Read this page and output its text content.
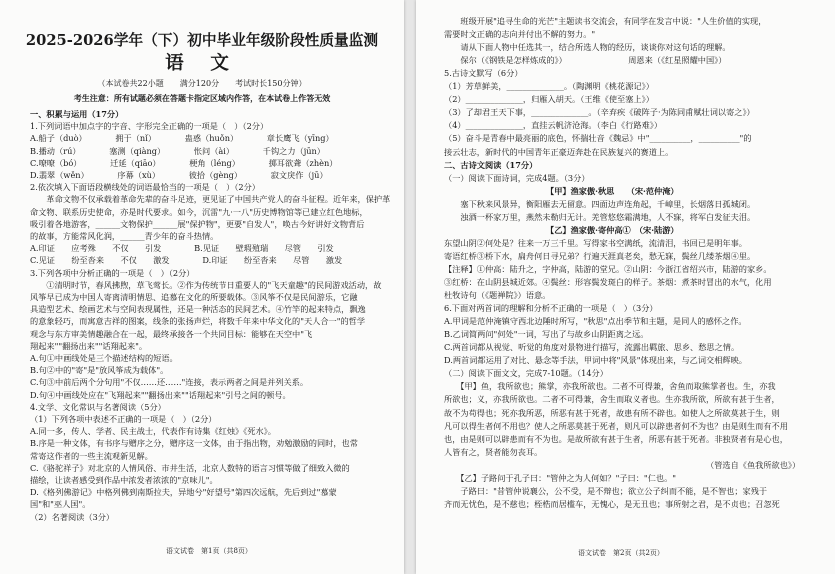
2025-2026学年（下）初中毕业年级阶段性质量监测
语 文
（本试卷共22小题　　满分120分　　考试时长150分钟）
考生注意：所有试题必须在答题卡指定区域内作答，在本试卷上作答无效
一、积累与运用（17分）
1.下列词语中加点字的字音、字形完全正确的一项是（　）（2分）
A.船子（duò）　　　　拥于（nǐ）　　　　蛊惑（huǒn）　　　　章长鹰飞（yīng）
B.播动（rú）　　　　塞测（qiàng）　　　　怅问（ài）　　　　千钩之力（jūn）
C.嘹嘹（bó）　　　　迁延（qiāo）　　　　梗角（léng）　　　　掷耳欲聋（zhèn）
D.翡翠（wěn）　　　　序幕（xù）　　　　彼拾（gèng）　　　　寂文戾作（jū）
2.依次填入下面语段横线处的词语最恰当的一项是（　）（2分）
　　革命文物不仅承载着革命先辈的奋斗足迹，更见证了中国共产党人的奋斗征程。近年来，保护革
命文物、联系历史使命，亦是时代要求。如今，沉雷"九·一八"历史博物馆等已建立红色地标，
吸引着各地游客，______文物保护______展"保护物"，更要"自发人"，唤古今好讲好文物背后
的故事，方能常风化润，______青少年的奋斗热情。
A.印证　　应考殊　　不仅　　引发　　　　B.见证　　壁瑕殖瑞　　尽管　　引发
C.见证　　纷至沓来　　不仅　　激发　　　　D.印证　　纷至沓来　　尽管　　激发
3.下列各项中分析正确的一项是（　）（2分）
　　①清明时节，春风拂煦，草飞莺长。②作为传统节日重要人的"飞天童趣"的民间游戏活动，故
风筝早已成为中国人寄离清明情思、追慕在文化的所要载体。③风筝不仅是民间游乐，它融
具造型艺术、绘画艺术与空间表现属性，还是一种活态的民间艺术。④竹竿的起来特点，飘逸
的意象轻巧，而寓意吉祥的图案，线条的张扬声烂，将数千年来中华文化的"天人合一"的哲学
观念与东方审美情趣融合在一起，最终承接各一个共同目标：能够在天空中"飞
翔起来""翻扬出来""话翔起来"。
A.句①中画线处是三个描述结构的短语。
B.句②中的"寄"是"放风筝成为载体"。
C.句③中前后两个分句用"不仅……还……"连接，表示两者之间是并列关系。
D.句④中画线处应在"飞翔起来""翻扬出来""话翔起来"引号之间的顿号。
4.文学、文化常识与名著阅读（5分）
（1）下列各项中表述不正确的一项是（　）（2分）
A.同一多，传人、学者、民主战士，代表作有诗集《红烛》《死水》。
B.序是一种文体，有书序与赠序之分，赠序这一文体，由于指出物，劝勉激励的同时，也常
常寄这作者的一些主流观新见解。
C.《骆驼祥子》对北京的人情风俗、市井生活，北京人数特的语言习惯等做了细致入微的
描绘，让读者感受到作品中浓发者浓浓的"京味儿"。
D.《格列佛游记》中格列佛到南斯拉夫，异地兮"好望号"第四次远航，先后到过"慕蒙
国"和"巫人国"。
（2）名著阅读（3分）
语文试卷　第1页（共8页）
　　班级开展"追寻生命的光芒"主题读书交流会，有同学在发言中说："人生价值的实现，
需要时文正确的志向并付出不解的努力。"
　　请从下面人物中任选其一，结合所选人物的经历，谈谈你对这句话的理解。
　　保尔（《钢铁是怎样炼成的》）　　　　　　　　周恩来（《红星照耀中国》）
5.古诗文默写（6分）
（1）芳草鲜美，______________。（陶渊明《桃花源记》）
（2）______________，归雁入胡天。（王维《使至塞上》）
（3）了却君王天下事，______________。（辛弃疾《破阵子·为陈同甫赋壮词以寄之》）
（4）______________，直挂云帆济沧海。（李白《行路难》）
（5）奋斗是青春中最亮丽的底色，怀揣壮音《魏忌》中"__________，__________"的
接云壮志，新时代的中国青年正豪迈奔赴在民族复兴的赛道上。
二、古诗文阅读（17分）
（一）阅读下面诗词，完成4题。（3分）
【甲】渔家傲·秋思　　（宋·范仲淹）
　　塞下秋来风景异，衡阳雁去无留意。四面边声连角起，千嶂里，长烟落日孤城闭。
　　浊酒一杯家万里，燕然未勒归无计。羌管悠悠霜满地，人不寐，将军白发征夫泪。
【乙】渔家傲·寄仲高①　（宋·陆游）
东望山阴②何处是？往来一万三千里。写得家书空满纸，流清泪，书回已是明年事。
寄语红桥③桥下水，扁舟何日寻兄弟？行遍天涯真老矣，愁无寐，鬓丝几缕茶烟④里。
【注释】①仲高：陆升之，字仲高，陆游的堂兄。②山阴：今浙江省绍兴市，陆游的家乡。
③红桥：在山阴县城近郊。④鬓丝：形容鬓发斑白的样子。茶烟：煮茶时冒出的水气，化用
杜牧诗句（《题禅院》）语意。
6.下面对两首词的理解和分析不正确的一项是（　）（3分）
A.甲词是范仲淹镇守西北边陲时所写，"秋思"点出季节和主题，是同人的感怀之作。
B.乙词简两问"何处"一词，写出了与故乡山阴距离之远。
C.两首词都从视觉、听觉的角度对景物进行描写，流露出羁旅、思乡、愁思之情。
D.两首词都运用了对比、悬念等手法，甲词中将"风景"体现出来，与乙词交相辉映。
（二）阅读下面文文，完成7-10题。（14分）
　　【甲】鱼，我所欲也；熊掌，亦我所欲也。二者不可得兼，舍鱼而取熊掌者也。生，亦我
所欲也；义，亦我所欲也。二者不可得兼，舍生而取义者也。生亦我所欲，所欲有甚于生者，
故不为苟得也；死亦我所恶，所恶有甚于死者，故患有所不辟也。如使人之所欲莫甚于生，则
凡可以得生者何不用也？使人之所恶莫甚于死者，则凡可以辟患者何不为也？由是则生而有不用
也，由是则可以辟患而有不为也。是故所欲有甚于生者，所恶有甚于死者。非独贤者有是心也，
人皆有之，贤者能勿丧耳。
（管选自《鱼我所欲也》）
　　【乙】子路问于孔子曰："管仲之为人何如？"子曰："仁也。"
　　子路曰："昔管仲说襄公，公不受，是不辩也；欲立公子纠而不能，是不智也；家残于
齐而无忧色，是不慈也；桎梏而居槛车，无愧心，是无丑也；事所射之君，是不贞也；召忽死
语文试卷　第2页（共2页）
